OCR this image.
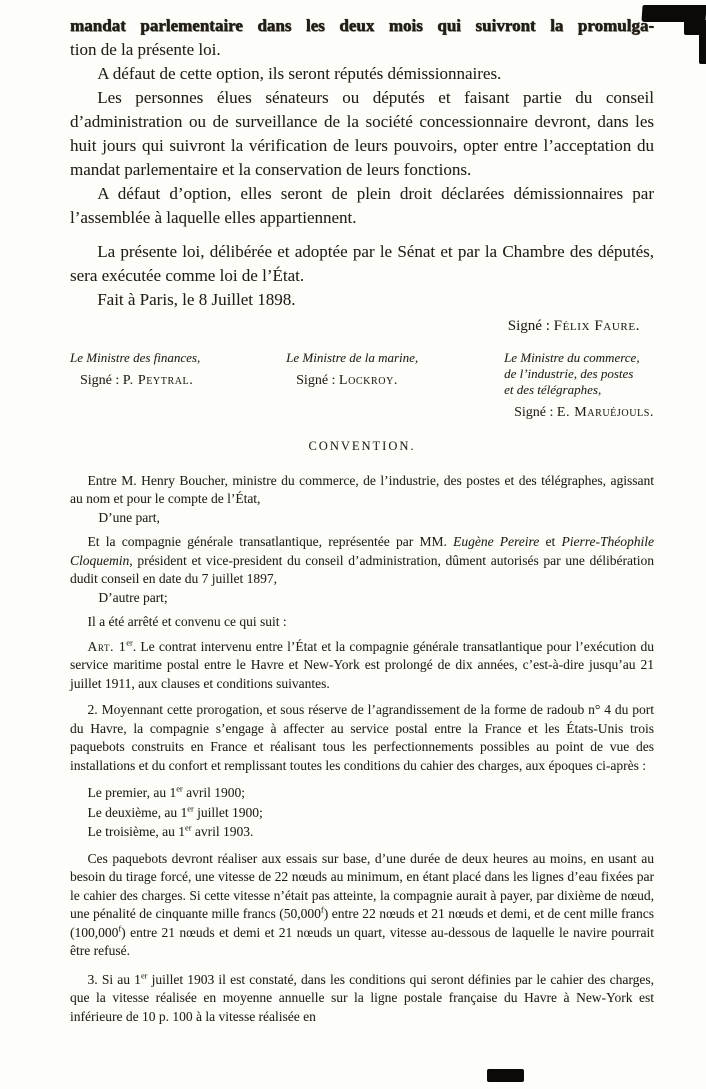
mandat parlementaire dans les deux mois qui suivront la promulga-
tion de la présente loi.

A défaut de cette option, ils seront réputés démissionnaires.

Les personnes élues sénateurs ou députés et faisant partie du conseil d’administration ou de surveillance de la société concessionnaire devront, dans les huit jours qui suivront la vérification de leurs pouvoirs, opter entre l’acceptation du mandat parlementaire et la conservation de leurs fonctions.

A défaut d’option, elles seront de plein droit déclarées démissionnaires par l’assemblée à laquelle elles appartiennent.

La présente loi, délibérée et adoptée par le Sénat et par la Chambre des députés, sera exécutée comme loi de l’État.

Fait à Paris, le 8 Juillet 1898.

Signé : Félix Faure.
Le Ministre des finances,
Signé : P. Peytral.
Le Ministre de la marine,
Signé : Lockroy.
Le Ministre du commerce,
de l’industrie, des postes
et des télégraphes,
Signé : E. Maruéjouls.
CONVENTION.

Entre M. Henry Boucher, ministre du commerce, de l’industrie, des postes et des télégraphes, agissant au nom et pour le compte de l’État,

D’une part,

Et la compagnie générale transatlantique, représentée par MM. Eugène Pereire et Pierre-Théophile Cloquemin, président et vice-president du conseil d’administration, dûment autorisés par une délibération dudit conseil en date du 7 juillet 1897,

D’autre part;

Il a été arrêté et convenu ce qui suit :

Art. 1er. Le contrat intervenu entre l’État et la compagnie générale transatlantique pour l’exécution du service maritime postal entre le Havre et New-York est prolongé de dix années, c’est-à-dire jusqu’au 21 juillet 1911, aux clauses et conditions suivantes.

2. Moyennant cette prorogation, et sous réserve de l’agrandissement de la forme de radoub n° 4 du port du Havre, la compagnie s’engage à affecter au service postal entre la France et les États-Unis trois paquebots construits en France et réalisant tous les perfectionnements possibles au point de vue des installations et du confort et remplissant toutes les conditions du cahier des charges, aux époques ci-après :

Le premier, au 1er avril 1900;

Le deuxième, au 1er juillet 1900;

Le troisième, au 1er avril 1903.

Ces paquebots devront réaliser aux essais sur base, d’une durée de deux heures au moins, en usant au besoin du tirage forcé, une vitesse de 22 nœuds au minimum, en étant placé dans les lignes d’eau fixées par le cahier des charges. Si cette vitesse n’était pas atteinte, la compagnie aurait à payer, par dixième de nœud, une pénalité de cinquante mille francs (50,000$^f$) entre 22 nœuds et 21 nœuds et demi, et de cent mille francs (100,000$^f$) entre 21 nœuds et demi et 21 nœuds un quart, vitesse au-dessous de laquelle le navire pourrait être refusé.

3. Si au 1er juillet 1903 il est constaté, dans les conditions qui seront définies par le cahier des charges, que la vitesse réalisée en moyenne annuelle sur la ligne postale française du Havre à New-York est inférieure de 10 p. 100 à la vitesse réalisée en
